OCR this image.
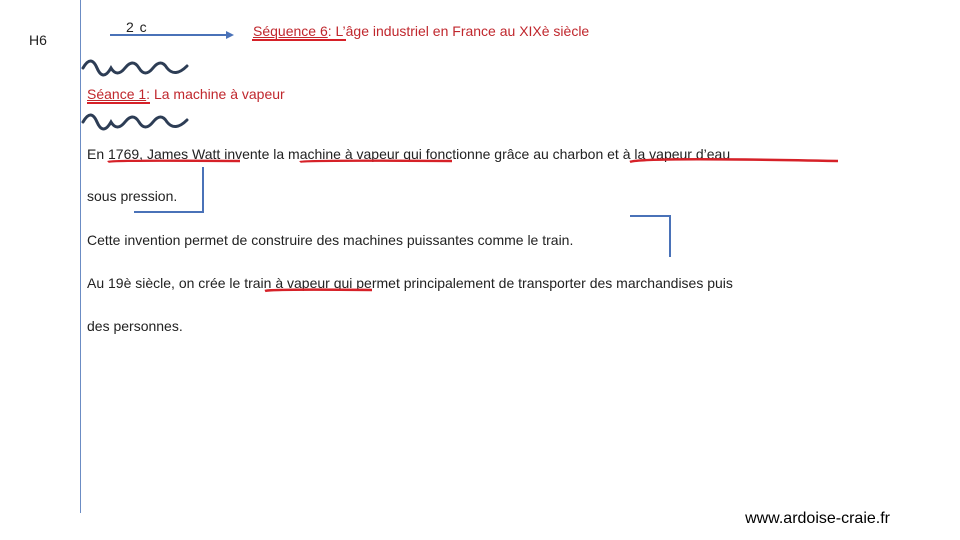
H6
2 c	Séquence 6: L’âge industriel en France au XIXè siècle
Séance 1: La machine à vapeur
En 1769, James Watt invente la machine à vapeur qui fonctionne grâce au charbon et à la vapeur d’eau
sous pression.
Cette invention permet de construire des machines puissantes comme le train.
Au 19è siècle, on crée le train à vapeur qui permet principalement de transporter des marchandises puis
des personnes.
www.ardoise-craie.fr
